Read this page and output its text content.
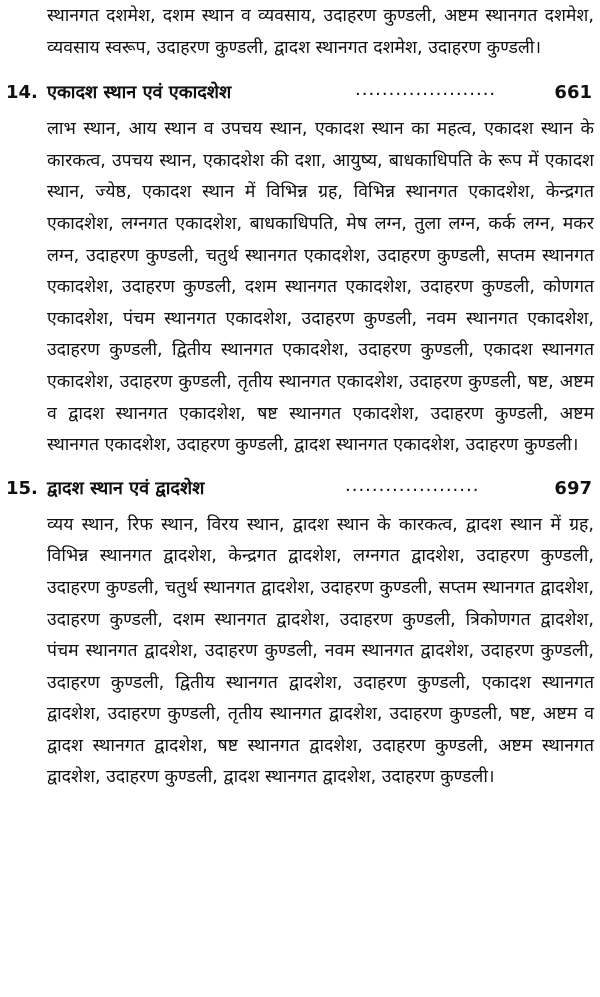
स्थानगत दशमेश, दशम स्थान व व्यवसाय, उदाहरण कुण्डली, अष्टम स्थानगत दशमेश, व्यवसाय स्वरूप, उदाहरण कुण्डली, द्वादश स्थानगत दशमेश, उदाहरण कुण्डली।

14. एकादश स्थान एवं एकादशेश	.....................	661

लाभ स्थान, आय स्थान व उपचय स्थान, एकादश स्थान का महत्व, एकादश स्थान के कारकत्व, उपचय स्थान, एकादशेश की दशा, आयुष्य, बाधकाधिपति के रूप में एकादश स्थान, ज्येष्ठ, एकादश स्थान में विभिन्न ग्रह, विभिन्न स्थानगत एकादशेश, केन्द्रगत एकादशेश, लग्नगत एकादशेश, बाधकाधिपति, मेष लग्न, तुला लग्न, कर्क लग्न, मकर लग्न, उदाहरण कुण्डली, चतुर्थ स्थानगत एकादशेश, उदाहरण कुण्डली, सप्तम स्थानगत एकादशेश, उदाहरण कुण्डली, दशम स्थानगत एकादशेश, उदाहरण कुण्डली, कोणगत एकादशेश, पंचम स्थानगत एकादशेश, उदाहरण कुण्डली, नवम स्थानगत एकादशेश, उदाहरण कुण्डली, द्वितीय स्थानगत एकादशेश, उदाहरण कुण्डली, एकादश स्थानगत एकादशेश, उदाहरण कुण्डली, तृतीय स्थानगत एकादशेश, उदाहरण कुण्डली, षष्ट, अष्टम व द्वादश स्थानगत एकादशेश, षष्ट स्थानगत एकादशेश, उदाहरण कुण्डली, अष्टम स्थानगत एकादशेश, उदाहरण कुण्डली, द्वादश स्थानगत एकादशेश, उदाहरण कुण्डली।

15. द्वादश स्थान एवं द्वादशेश	....................	697

व्यय स्थान, रिफ स्थान, विरय स्थान, द्वादश स्थान के कारकत्व, द्वादश स्थान में ग्रह, विभिन्न स्थानगत द्वादशेश, केन्द्रगत द्वादशेश, लग्नगत द्वादशेश, उदाहरण कुण्डली, उदाहरण कुण्डली, चतुर्थ स्थानगत द्वादशेश, उदाहरण कुण्डली, सप्तम स्थानगत द्वादशेश, उदाहरण कुण्डली, दशम स्थानगत द्वादशेश, उदाहरण कुण्डली, त्रिकोणगत द्वादशेश, पंचम स्थानगत द्वादशेश, उदाहरण कुण्डली, नवम स्थानगत द्वादशेश, उदाहरण कुण्डली, उदाहरण कुण्डली, द्वितीय स्थानगत द्वादशेश, उदाहरण कुण्डली, एकादश स्थानगत द्वादशेश, उदाहरण कुण्डली, तृतीय स्थानगत द्वादशेश, उदाहरण कुण्डली, षष्ट, अष्टम व द्वादश स्थानगत द्वादशेश, षष्ट स्थानगत द्वादशेश, उदाहरण कुण्डली, अष्टम स्थानगत द्वादशेश, उदाहरण कुण्डली, द्वादश स्थानगत द्वादशेश, उदाहरण कुण्डली।
